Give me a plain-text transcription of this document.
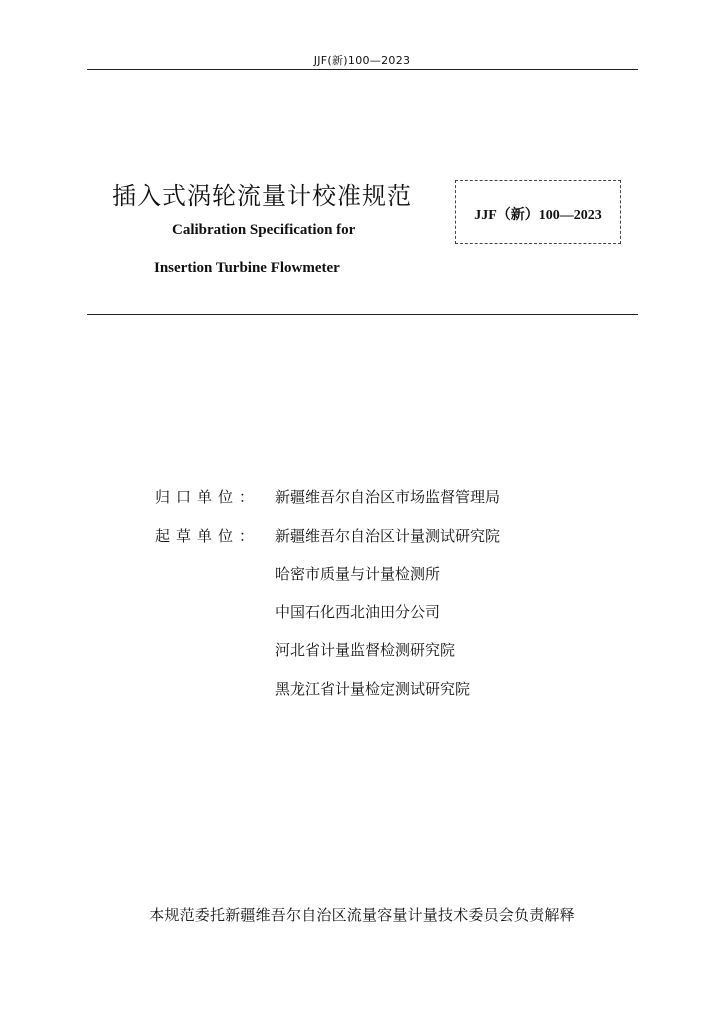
JJF(新)100—2023
插入式涡轮流量计校准规范
Calibration Specification for
Insertion Turbine Flowmeter
JJF（新）100—2023
归口单位： 新疆维吾尔自治区市场监督管理局
起草单位： 新疆维吾尔自治区计量测试研究院
哈密市质量与计量检测所
中国石化西北油田分公司
河北省计量监督检测研究院
黑龙江省计量检定测试研究院
本规范委托新疆维吾尔自治区流量容量计量技术委员会负责解释
